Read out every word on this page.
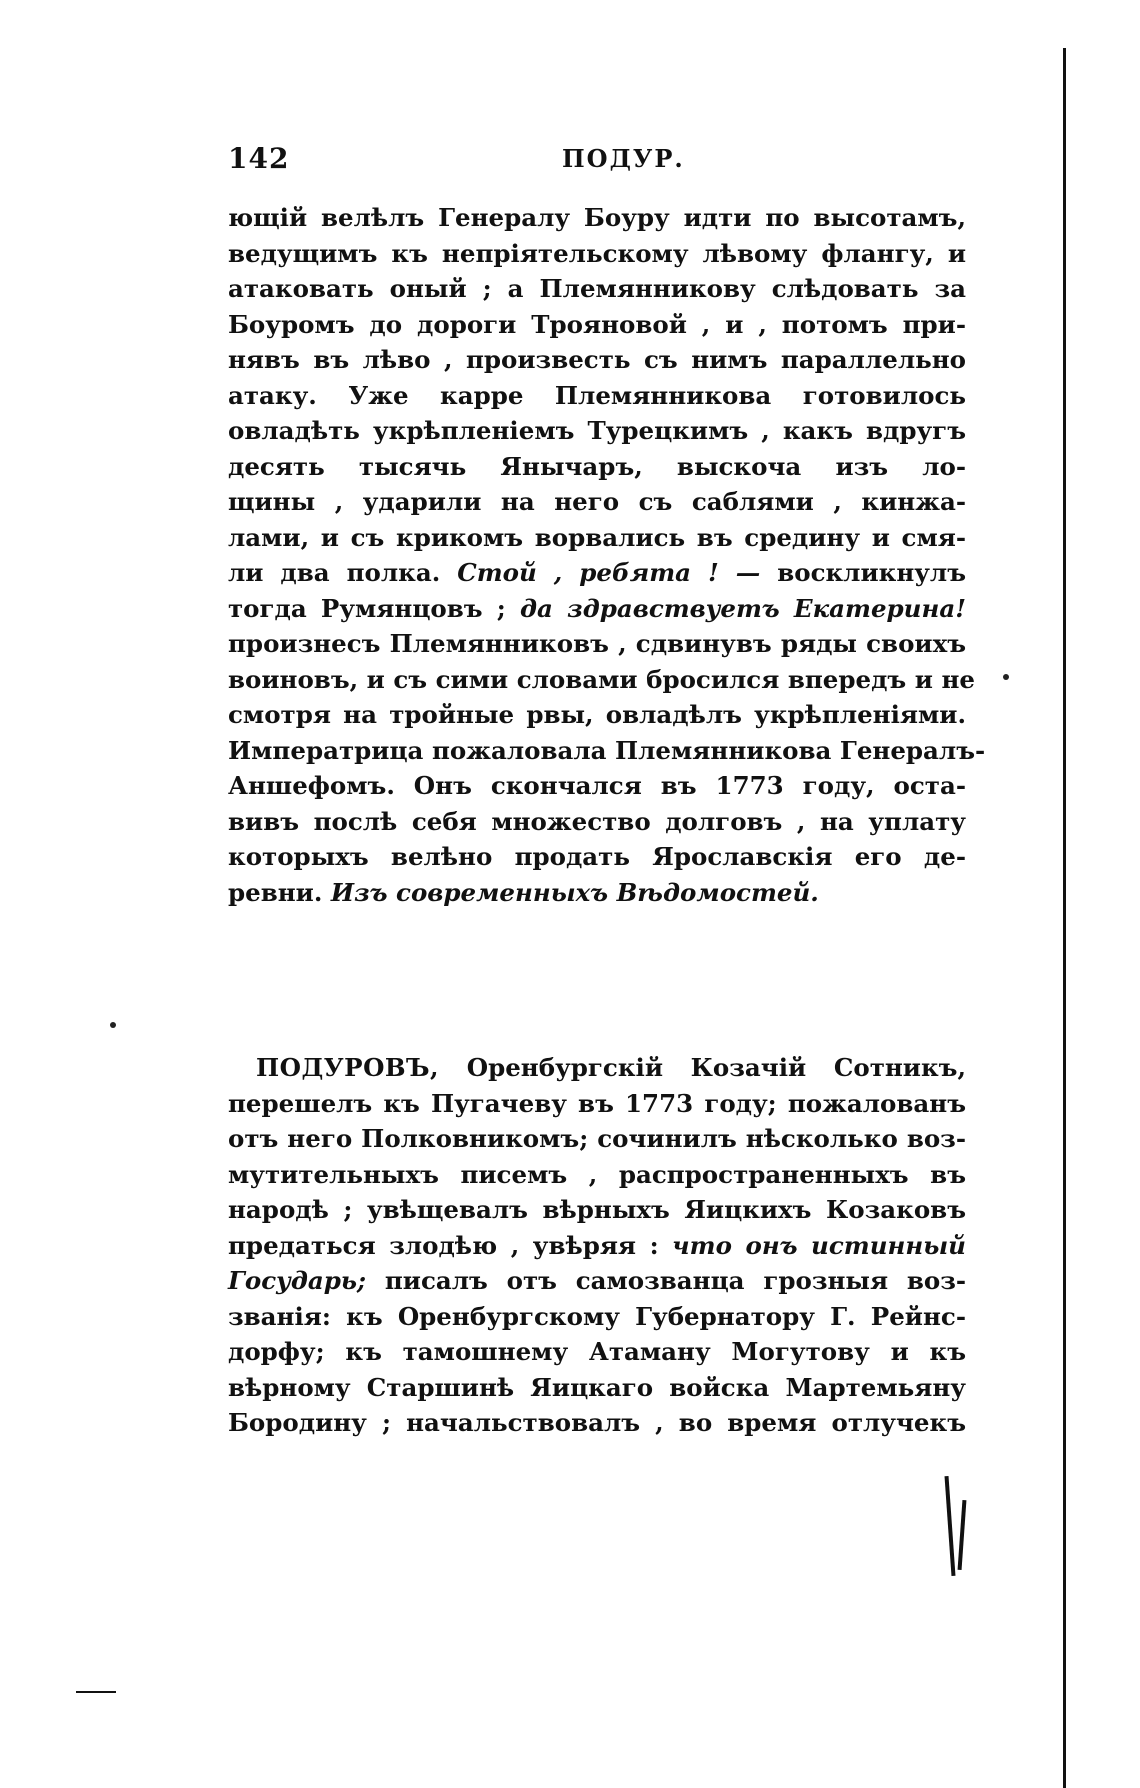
142	ПОДУР.
ющій велѣлъ Генералу Боуру идти по высотамъ,
ведущимъ къ непріятельскому лѣвому флангу, и
атаковать оный ; а Племянникову слѣдовать за
Боуромъ до дороги Трояновой , и , потомъ при-
нявъ въ лѣво , произвесть съ нимъ параллельно
атаку. Уже карре Племянникова готовилось
овладѣть укрѣпленіемъ Турецкимъ , какъ вдругъ
десять тысячь Янычаръ, выскоча изъ ло-
щины , ударили на него съ саблями , кинжа-
лами, и съ крикомъ ворвались въ средину и смя-
ли два полка. Стой , ребята ! — воскликнулъ
тогда Румянцовъ ; да здравствуетъ Екатерина!
произнесъ Племянниковъ , сдвинувъ ряды своихъ
воиновъ, и съ сими словами бросился впередъ и не
смотря на тройные рвы, овладѣлъ укрѣпленіями.
Императрица пожаловала Племянникова Генералъ-
Аншефомъ. Онъ скончался въ 1773 году, оста-
вивъ послѣ себя множество долговъ , на уплату
которыхъ велѣно продать Ярославскія его де-
ревни. Изъ современныхъ Вѣдомостей.
ПОДУРОВЪ, Оренбургскій Козачій Сотникъ,
перешелъ къ Пугачеву въ 1773 году; пожалованъ
отъ него Полковникомъ; сочинилъ нѣсколько воз-
мутительныхъ писемъ , распространенныхъ въ
народѣ ; увѣщевалъ вѣрныхъ Яицкихъ Козаковъ
предаться злодѣю , увѣряя : что онъ истинный
Государь; писалъ отъ самозванца грозныя воз-
званія: къ Оренбургскому Губернатору Г. Рейнс-
дорфу; къ тамошнему Атаману Могутову и къ
вѣрному Старшинѣ Яицкаго войска Мартемьяну
Бородину ; начальствовалъ , во время отлучекъ
